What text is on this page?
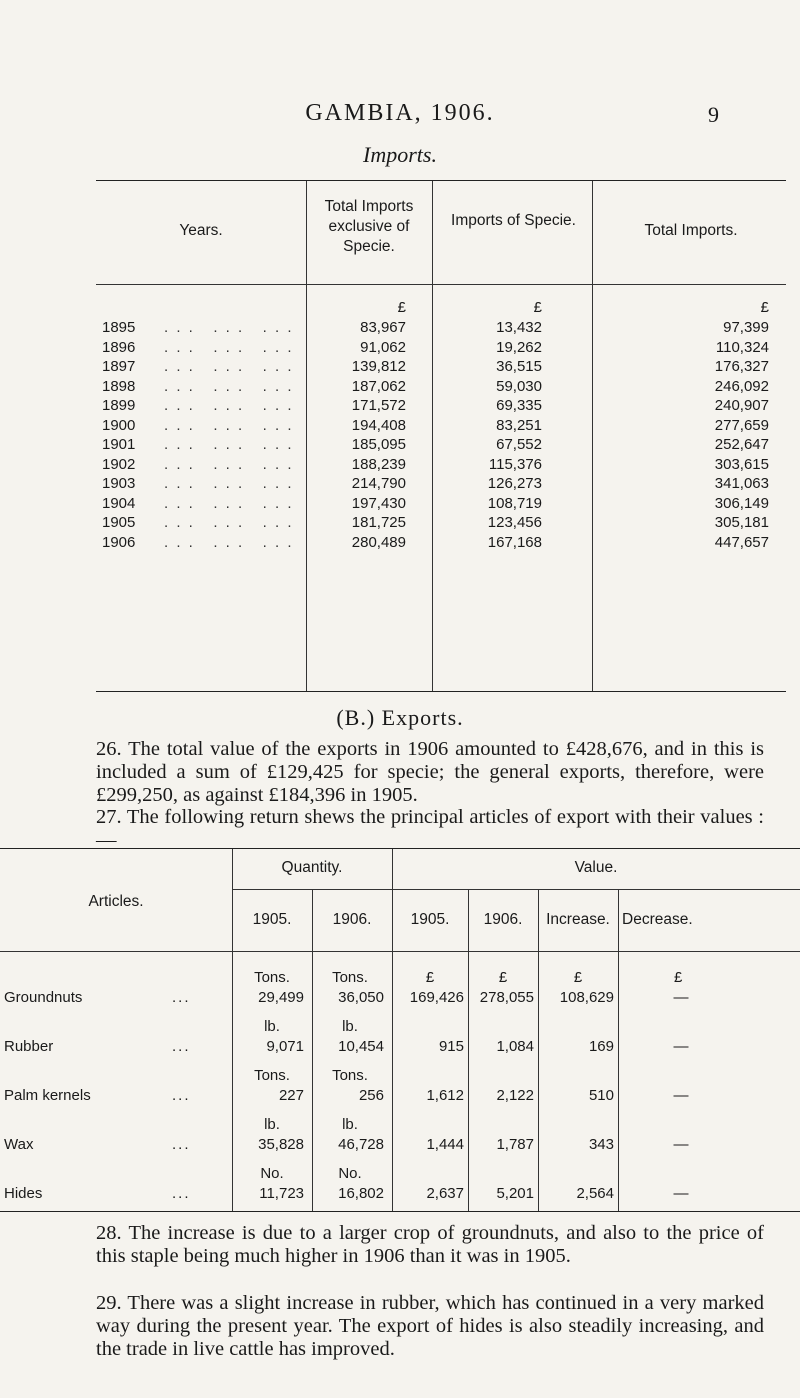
GAMBIA, 1906.	9
Imports.
Years.
Total Imports exclusive of Specie.
Imports of Specie.
Total Imports.
£	£	£
1895 . . .   . . .   . . .	83,967	13,432	97,399
1896 . . .   . . .   . . .	91,062	19,262	110,324
1897 . . .   . . .   . . .	139,812	36,515	176,327
1898 . . .   . . .   . . .	187,062	59,030	246,092
1899 . . .   . . .   . . .	171,572	69,335	240,907
1900 . . .   . . .   . . .	194,408	83,251	277,659
1901 . . .   . . .   . . .	185,095	67,552	252,647
1902 . . .   . . .   . . .	188,239	115,376	303,615
1903 . . .   . . .   . . .	214,790	126,273	341,063
1904 . . .   . . .   . . .	197,430	108,719	306,149
1905 . . .   . . .   . . .	181,725	123,456	305,181
1906 . . .   . . .   . . .	280,489	167,168	447,657
(B.) Exports.
26. The total value of the exports in 1906 amounted to £428,676, and in this is included a sum of £129,425 for specie; the general exports, therefore, were £299,250, as against £184,396 in 1905.
27. The following return shews the principal articles of export with their values :—
Articles.
Quantity.	Value.
1905.	1906.	1905.	1906.	Increase. Decrease.
Tons.	Tons.	£	£	£	£
Groundnuts	...	29,499	36,050	169,426	278,055	108,629	—
lb.	lb.
Rubber	...	9,071	10,454	915	1,084	169	—
Tons.	Tons.
Palm kernels	...	227	256	1,612	2,122	510	—
lb.	lb.
Wax	...	35,828	46,728	1,444	1,787	343	—
No.	No.
Hides	...	11,723	16,802	2,637	5,201	2,564	—
28. The increase is due to a larger crop of groundnuts, and also to the price of this staple being much higher in 1906 than it was in 1905.
29. There was a slight increase in rubber, which has continued in a very marked way during the present year. The export of hides is also steadily increasing, and the trade in live cattle has improved.
